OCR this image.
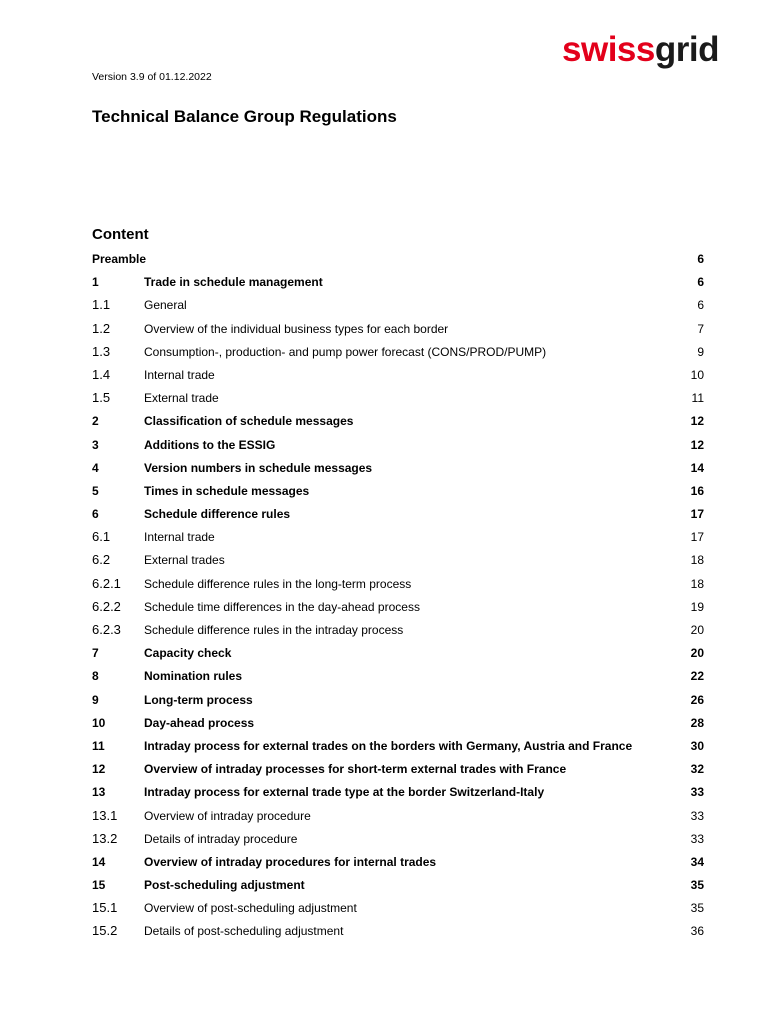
swissgrid
Version 3.9 of 01.12.2022
Technical Balance Group Regulations
Content
Preamble	6
1	Trade in schedule management	6
1.1	General	6
1.2	Overview of the individual business types for each border	7
1.3	Consumption-, production- and pump power forecast (CONS/PROD/PUMP)	9
1.4	Internal trade	10
1.5	External trade	11
2	Classification of schedule messages	12
3	Additions to the ESSIG	12
4	Version numbers in schedule messages	14
5	Times in schedule messages	16
6	Schedule difference rules	17
6.1	Internal trade	17
6.2	External trades	18
6.2.1 Schedule difference rules in the long-term process	18
6.2.2 Schedule time differences in the day-ahead process	19
6.2.3 Schedule difference rules in the intraday process	20
7	Capacity check	20
8	Nomination rules	22
9	Long-term process	26
10	Day-ahead process	28
11	Intraday process for external trades on the borders with Germany, Austria and France	30
12	Overview of intraday processes for short-term external trades with France	32
13	Intraday process for external trade type at the border Switzerland-Italy	33
13.1 Overview of intraday procedure	33
13.2 Details of intraday procedure	33
14	Overview of intraday procedures for internal trades	34
15	Post-scheduling adjustment	35
15.1 Overview of post-scheduling adjustment	35
15.2 Details of post-scheduling adjustment	36
